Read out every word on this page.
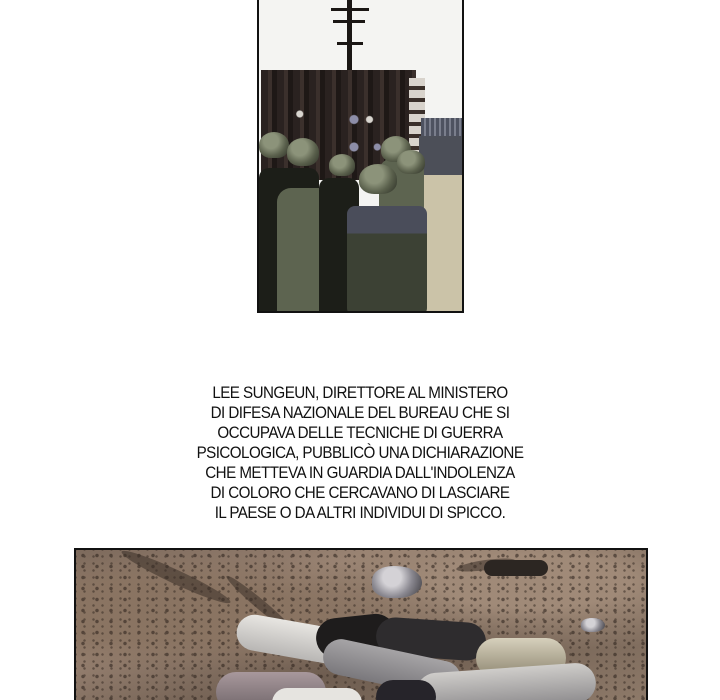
LEE SUNGEUN, DIRETTORE AL MINISTERO
DI DIFESA NAZIONALE DEL BUREAU CHE SI
OCCUPAVA DELLE TECNICHE DI GUERRA
PSICOLOGICA, PUBBLICÒ UNA DICHIARAZIONE
CHE METTEVA IN GUARDIA DALL'INDOLENZA
DI COLORO CHE CERCAVANO DI LASCIARE
IL PAESE O DA ALTRI INDIVIDUI DI SPICCO.
